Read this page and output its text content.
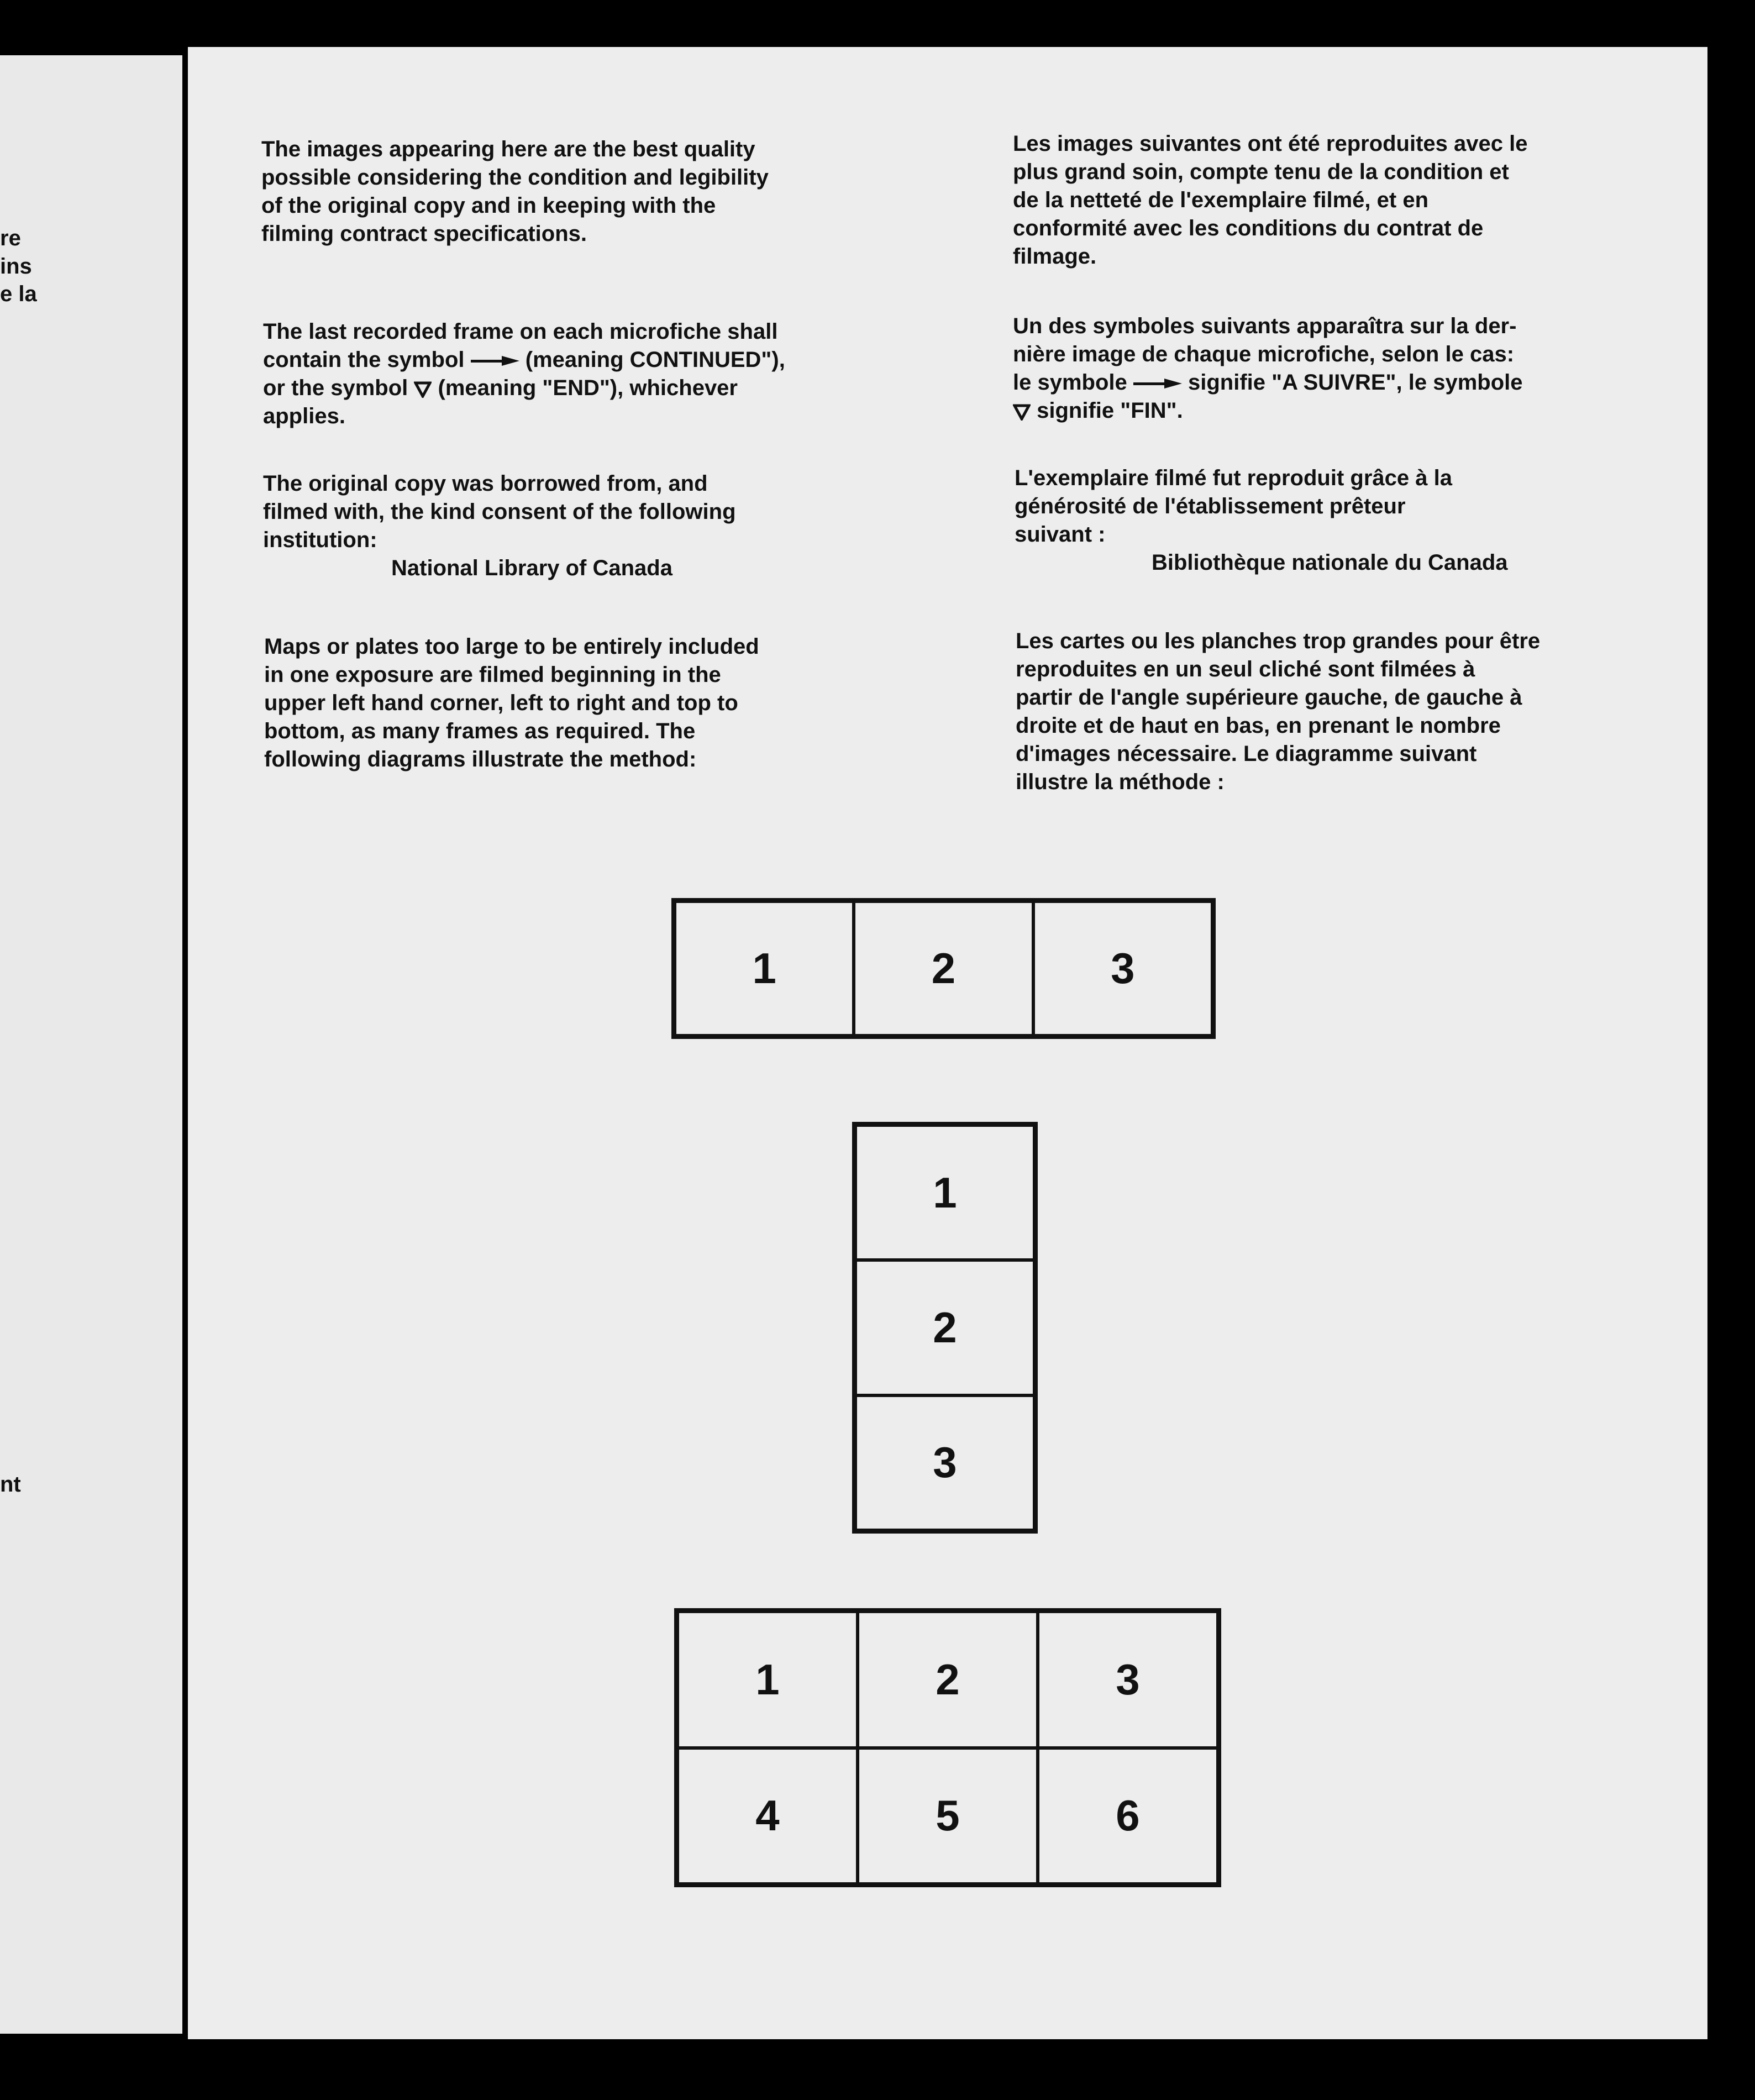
re
ins
e la
nt
The images appearing here are the best quality
possible considering the condition and legibility
of the original copy and in keeping with the
filming contract specifications.
The last recorded frame on each microfiche shall
contain the symbol	(meaning CONTINUED"),
or the symbol (meaning "END"), whichever
applies.
The original copy was borrowed from, and
filmed with, the kind consent of the following
institution:
National Library of Canada
Maps or plates too large to be entirely included
in one exposure are filmed beginning in the
upper left hand corner, left to right and top to
bottom, as many frames as required. The
following diagrams illustrate the method:
Les images suivantes ont été reproduites avec le
plus grand soin, compte tenu de la condition et
de la netteté de l'exemplaire filmé, et en
conformité avec les conditions du contrat de
filmage.
Un des symboles suivants apparaîtra sur la der-
nière image de chaque microfiche, selon le cas:
le symbole	signifie "A SUIVRE", le symbole
signifie "FIN".
L'exemplaire filmé fut reproduit grâce à la
générosité de l'établissement prêteur
suivant :
Bibliothèque nationale du Canada
Les cartes ou les planches trop grandes pour être
reproduites en un seul cliché sont filmées à
partir de l'angle supérieure gauche, de gauche à
droite et de haut en bas, en prenant le nombre
d'images nécessaire. Le diagramme suivant
illustre la méthode :
1	2	3
1
2
3
1	2	3
4	5	6
